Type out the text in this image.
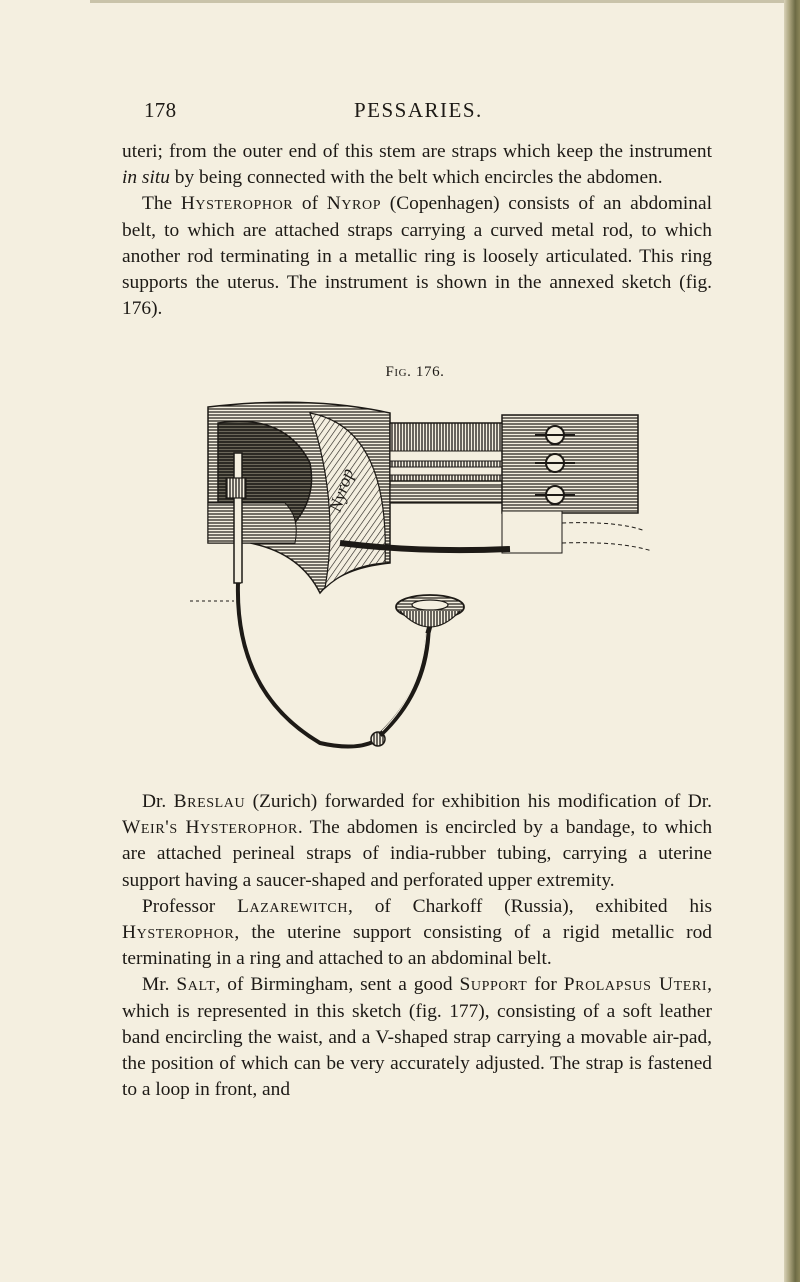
178	PESSARIES.

uteri; from the outer end of this stem are straps which keep the instrument in situ by being connected with the belt which encircles the abdomen.

The Hysterophor of Nyrop (Copenhagen) consists of an abdominal belt, to which are attached straps carrying a curved metal rod, to which another rod terminating in a metallic ring is loosely articulated. This ring supports the uterus. The instrument is shown in the annexed sketch (fig. 176).

Fig. 176.
Nyrop

Dr. Breslau (Zurich) forwarded for exhibition his modification of Dr. Weir's Hysterophor. The abdomen is encircled by a bandage, to which are attached perineal straps of india-rubber tubing, carrying a uterine support having a saucer-shaped and perforated upper extremity.

Professor Lazarewitch, of Charkoff (Russia), exhibited his Hysterophor, the uterine support consisting of a rigid metallic rod terminating in a ring and attached to an abdominal belt.

Mr. Salt, of Birmingham, sent a good Support for Prolapsus Uteri, which is represented in this sketch (fig. 177), consisting of a soft leather band encircling the waist, and a V-shaped strap carrying a movable air-pad, the position of which can be very accurately adjusted. The strap is fastened to a loop in front, and
